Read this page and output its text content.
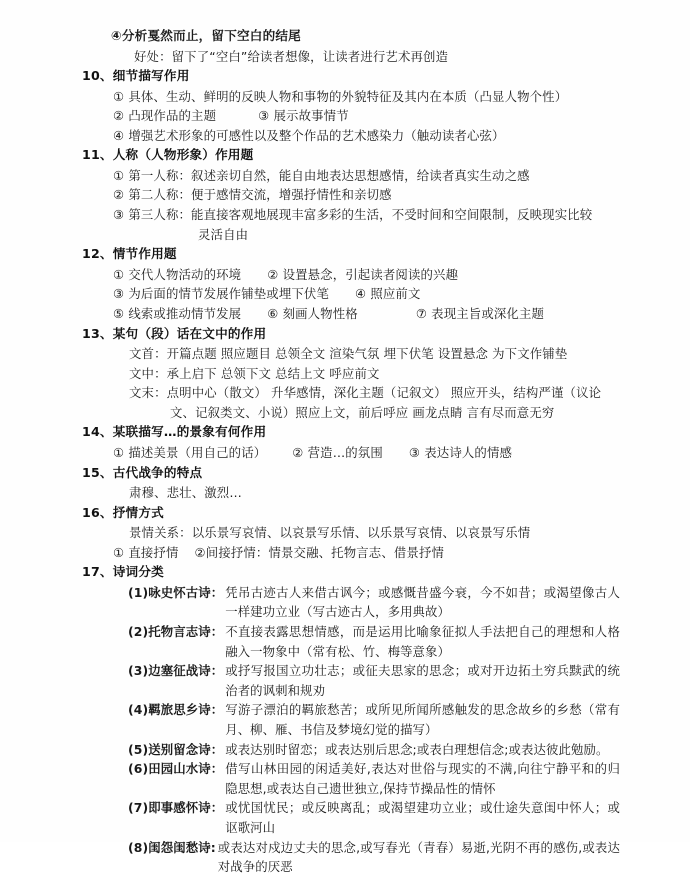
④分析戛然而止，留下空白的结尾
好处：留下了“空白”给读者想像，让读者进行艺术再创造
10、细节描写作用
① 具体、生动、鲜明的反映人物和事物的外貌特征及其内在本质（凸显人物个性）
② 凸现作品的主题	③ 展示故事情节
④ 增强艺术形象的可感性以及整个作品的艺术感染力（触动读者心弦）
11、人称（人物形象）作用题
① 第一人称：叙述亲切自然，能自由地表达思想感情，给读者真实生动之感
② 第二人称：便于感情交流，增强抒情性和亲切感
③ 第三人称：能直接客观地展现丰富多彩的生活，不受时间和空间限制，反映现实比较
灵活自由
12、情节作用题
① 交代人物活动的环境 ② 设置悬念，引起读者阅读的兴趣
③ 为后面的情节发展作铺垫或埋下伏笔 ④ 照应前文
⑤ 线索或推动情节发展 ⑥ 刻画人物性格	⑦ 表现主旨或深化主题
13、某句（段）话在文中的作用
文首：开篇点题 照应题目 总领全文 渲染气氛 埋下伏笔 设置悬念 为下文作铺垫
文中：承上启下 总领下文 总结上文 呼应前文
文末：点明中心（散文） 升华感情，深化主题（记叙文） 照应开头，结构严谨（议论
文、记叙类文、小说）照应上文，前后呼应 画龙点睛 言有尽而意无穷
14、某联描写…的景象有何作用
① 描述美景（用自己的话） ② 营造…的氛围 ③ 表达诗人的情感
15、古代战争的特点
肃穆、悲壮、激烈…
16、抒情方式
景情关系：以乐景写哀情、以哀景写乐情、以乐景写哀情、以哀景写乐情
① 直接抒情 ②间接抒情：情景交融、托物言志、借景抒情
17、诗词分类
(1)咏史怀古诗： 凭吊古迹古人来借古讽今；或感慨昔盛今衰，今不如昔；或渴望像古人一样建功立业（写古迹古人，多用典故）
(2)托物言志诗： 不直接表露思想情感，而是运用比喻象征拟人手法把自己的理想和人格融入一物象中（常有松、竹、梅等意象）
(3)边塞征战诗： 或抒写报国立功壮志；或征夫思家的思念；或对开边拓土穷兵黩武的统治者的讽刺和规劝
(4)羁旅思乡诗： 写游子漂泊的羁旅愁苦；或所见所闻所感触发的思念故乡的乡愁（常有月、柳、雁、书信及梦境幻觉的描写）
(5)送别留念诗： 或表达别时留恋；或表达别后思念;或表白理想信念;或表达彼此勉励。
(6)田园山水诗： 借写山林田园的闲适美好,表达对世俗与现实的不满,向往宁静平和的归隐思想,或表达自己遗世独立,保持节操品性的情怀
(7)即事感怀诗： 或忧国忧民；或反映离乱；或渴望建功立业；或仕途失意闺中怀人；或讴歌河山
(8)闺怨闺愁诗: 或表达对戍边丈夫的思念,或写春光（青春）易逝,光阴不再的感伤,或表达对战争的厌恶
